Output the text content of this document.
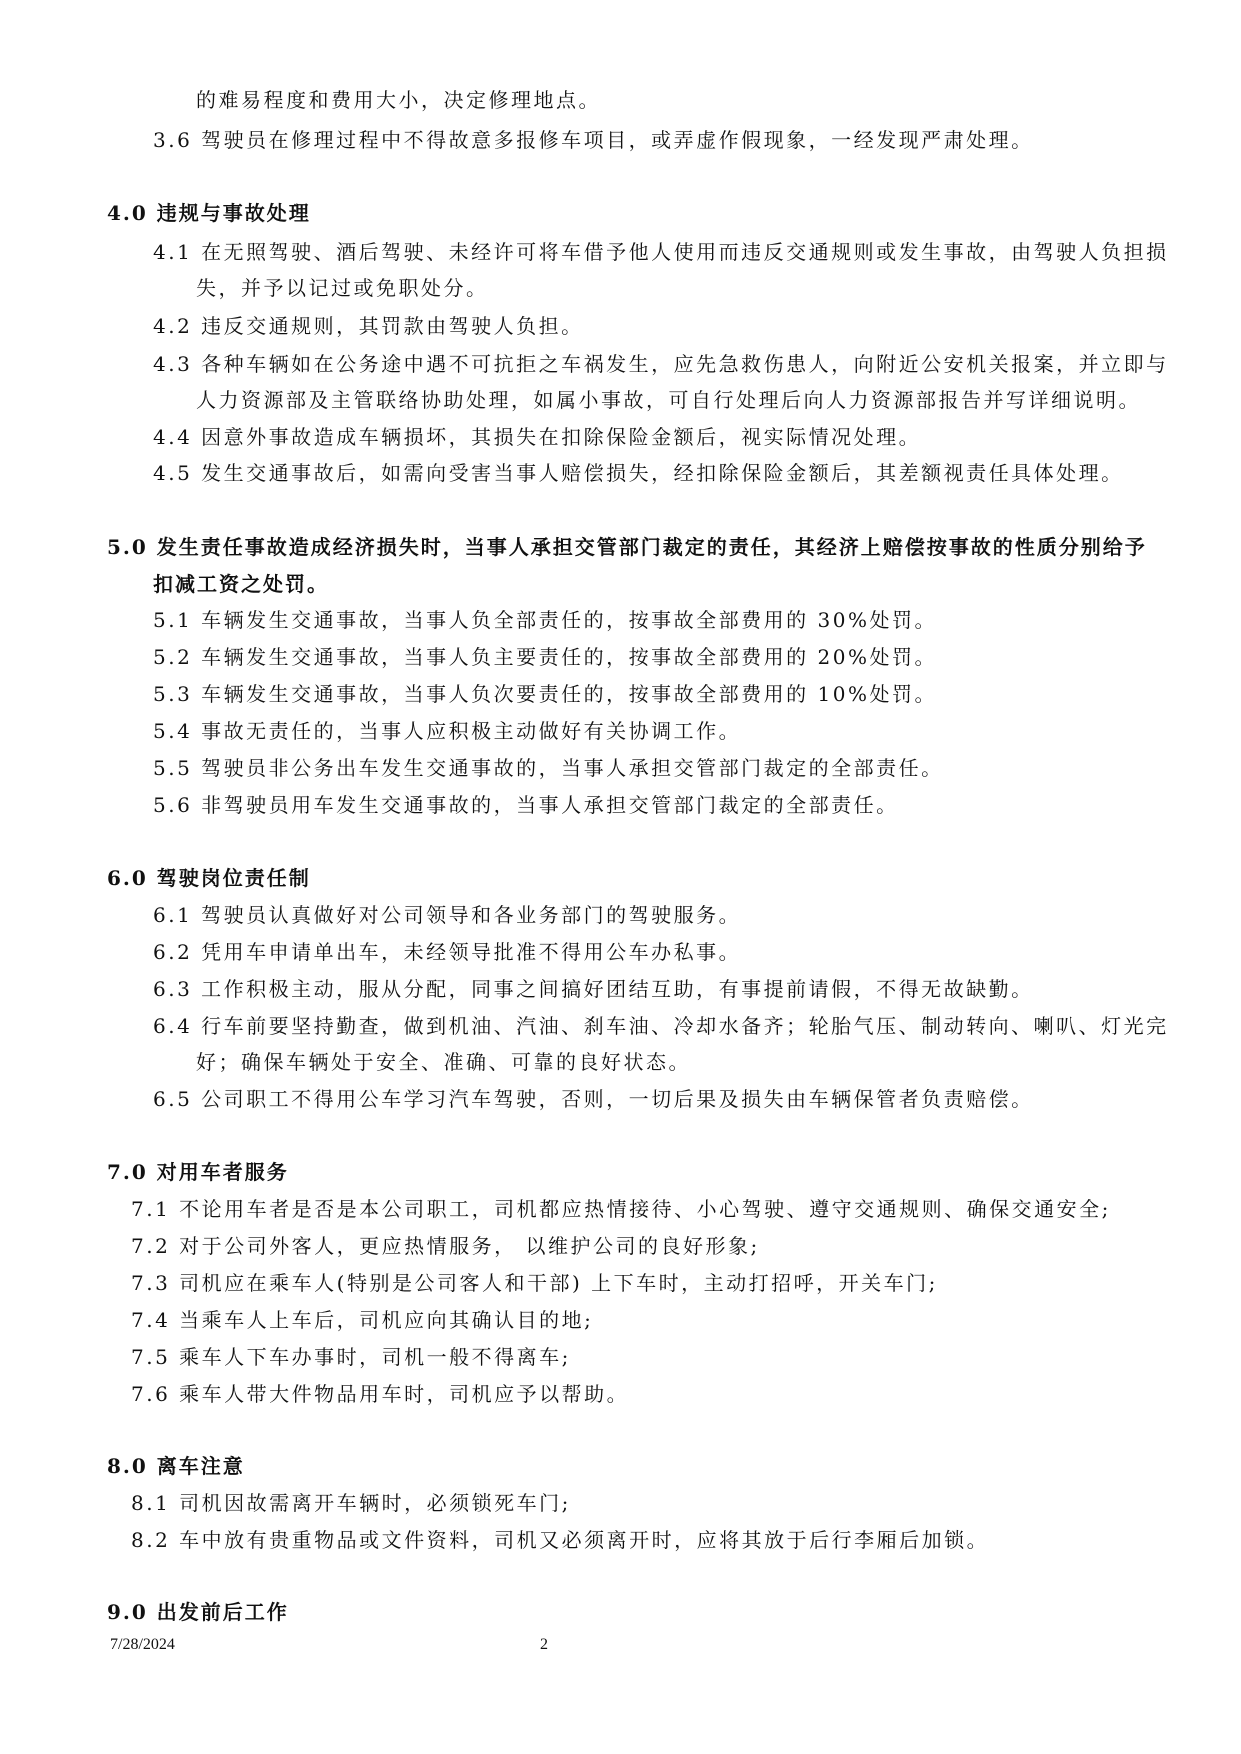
的难易程度和费用大小，决定修理地点。
3.6 驾驶员在修理过程中不得故意多报修车项目，或弄虚作假现象，一经发现严肃处理。
4.0 违规与事故处理
4.1 在无照驾驶、酒后驾驶、未经许可将车借予他人使用而违反交通规则或发生事故，由驾驶人负担损
失，并予以记过或免职处分。
4.2 违反交通规则，其罚款由驾驶人负担。
4.3 各种车辆如在公务途中遇不可抗拒之车祸发生，应先急救伤患人，向附近公安机关报案，并立即与
人力资源部及主管联络协助处理，如属小事故，可自行处理后向人力资源部报告并写详细说明。
4.4 因意外事故造成车辆损坏，其损失在扣除保险金额后，视实际情况处理。
4.5 发生交通事故后，如需向受害当事人赔偿损失，经扣除保险金额后，其差额视责任具体处理。
5.0 发生责任事故造成经济损失时，当事人承担交管部门裁定的责任，其经济上赔偿按事故的性质分别给予
扣减工资之处罚。
5.1 车辆发生交通事故，当事人负全部责任的，按事故全部费用的 30%处罚。
5.2 车辆发生交通事故，当事人负主要责任的，按事故全部费用的 20%处罚。
5.3 车辆发生交通事故，当事人负次要责任的，按事故全部费用的 10%处罚。
5.4 事故无责任的，当事人应积极主动做好有关协调工作。
5.5 驾驶员非公务出车发生交通事故的，当事人承担交管部门裁定的全部责任。
5.6 非驾驶员用车发生交通事故的，当事人承担交管部门裁定的全部责任。
6.0 驾驶岗位责任制
6.1 驾驶员认真做好对公司领导和各业务部门的驾驶服务。
6.2 凭用车申请单出车，未经领导批准不得用公车办私事。
6.3 工作积极主动，服从分配，同事之间搞好团结互助，有事提前请假，不得无故缺勤。
6.4 行车前要坚持勤查，做到机油、汽油、刹车油、冷却水备齐；轮胎气压、制动转向、喇叭、灯光完
好；确保车辆处于安全、准确、可靠的良好状态。
6.5 公司职工不得用公车学习汽车驾驶，否则，一切后果及损失由车辆保管者负责赔偿。
7.0 对用车者服务
7.1 不论用车者是否是本公司职工，司机都应热情接待、小心驾驶、遵守交通规则、确保交通安全;
7.2 对于公司外客人，更应热情服务， 以维护公司的良好形象;
7.3 司机应在乘车人(特别是公司客人和干部) 上下车时，主动打招呼，开关车门;
7.4 当乘车人上车后，司机应向其确认目的地;
7.5 乘车人下车办事时，司机一般不得离车;
7.6 乘车人带大件物品用车时，司机应予以帮助。
8.0 离车注意
8.1 司机因故需离开车辆时，必须锁死车门;
8.2 车中放有贵重物品或文件资料，司机又必须离开时，应将其放于后行李厢后加锁。
9.0 出发前后工作
7/28/2024	2
